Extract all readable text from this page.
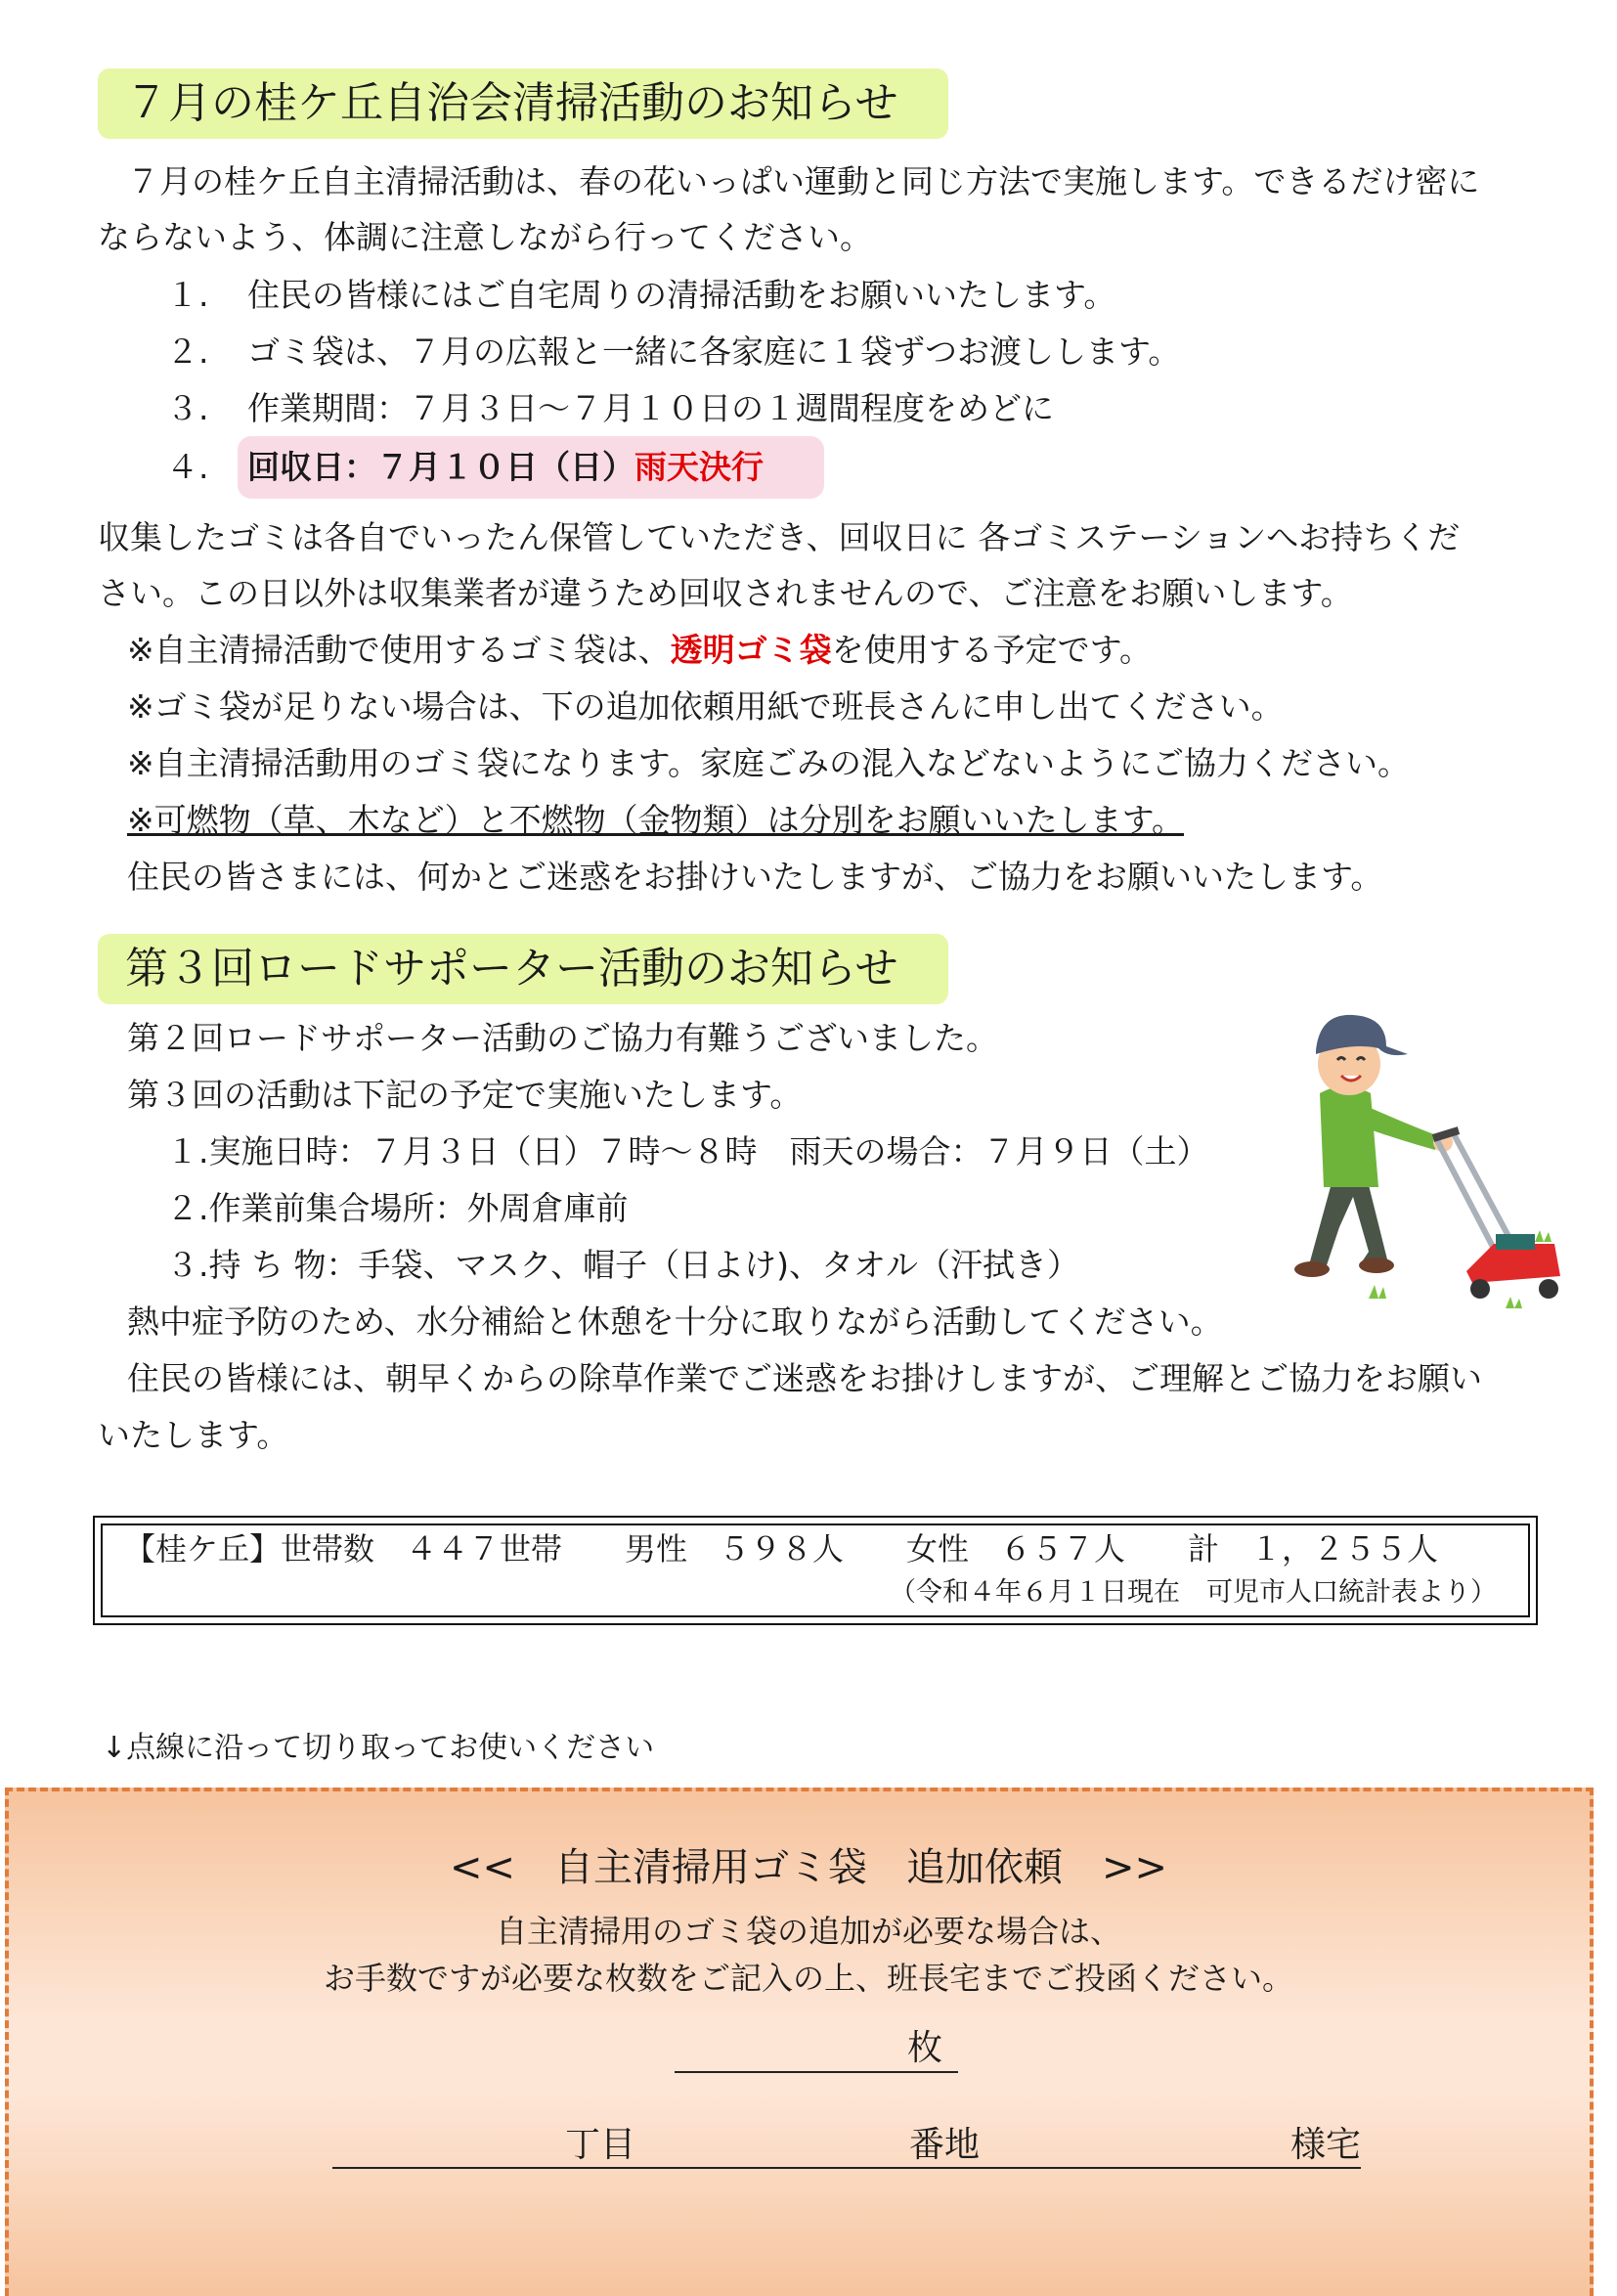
７月の桂ケ丘自治会清掃活動のお知らせ
７月の桂ケ丘自主清掃活動は、春の花いっぱい運動と同じ方法で実施します。できるだけ密に
ならないよう、体調に注意しながら行ってください。
１. 住民の皆様にはご自宅周りの清掃活動をお願いいたします。
２. ゴミ袋は、７月の広報と一緒に各家庭に１袋ずつお渡しします。
３. 作業期間：７月３日～７月１０日の１週間程度をめどに
４. 回収日：７月１０日（日）雨天決行
収集したゴミは各自でいったん保管していただき、回収日に 各ゴミステーションへお持ちくだ
さい。この日以外は収集業者が違うため回収されませんので、ご注意をお願いします。
※自主清掃活動で使用するゴミ袋は、透明ゴミ袋を使用する予定です。
※ゴミ袋が足りない場合は、下の追加依頼用紙で班長さんに申し出てください。
※自主清掃活動用のゴミ袋になります。家庭ごみの混入などないようにご協力ください。
※可燃物（草、木など）と不燃物（金物類）は分別をお願いいたします。
住民の皆さまには、何かとご迷惑をお掛けいたしますが、ご協力をお願いいたします。
第３回ロードサポーター活動のお知らせ
第２回ロードサポーター活動のご協力有難うございました。
第３回の活動は下記の予定で実施いたします。
１.実施日時：７月３日（日）７時～８時　雨天の場合：７月９日（土）
２.作業前集合場所：外周倉庫前
３.持 ち 物：手袋、マスク、帽子（日よけ)、タオル（汗拭き）
熱中症予防のため、水分補給と休憩を十分に取りながら活動してください。
住民の皆様には、朝早くからの除草作業でご迷惑をお掛けしますが、ご理解とご協力をお願い
いたします。
【桂ケ丘】世帯数　４４７世帯　　男性　５９８人　　女性　６５７人　　計　１，２５５人
（令和４年６月１日現在　可児市人口統計表より）
↓点線に沿って切り取ってお使いください
<<　自主清掃用ゴミ袋　追加依頼　>>
自主清掃用のゴミ袋の追加が必要な場合は、
お手数ですが必要な枚数をご記入の上、班長宅までご投函ください。
枚
丁目	番地	様宅
